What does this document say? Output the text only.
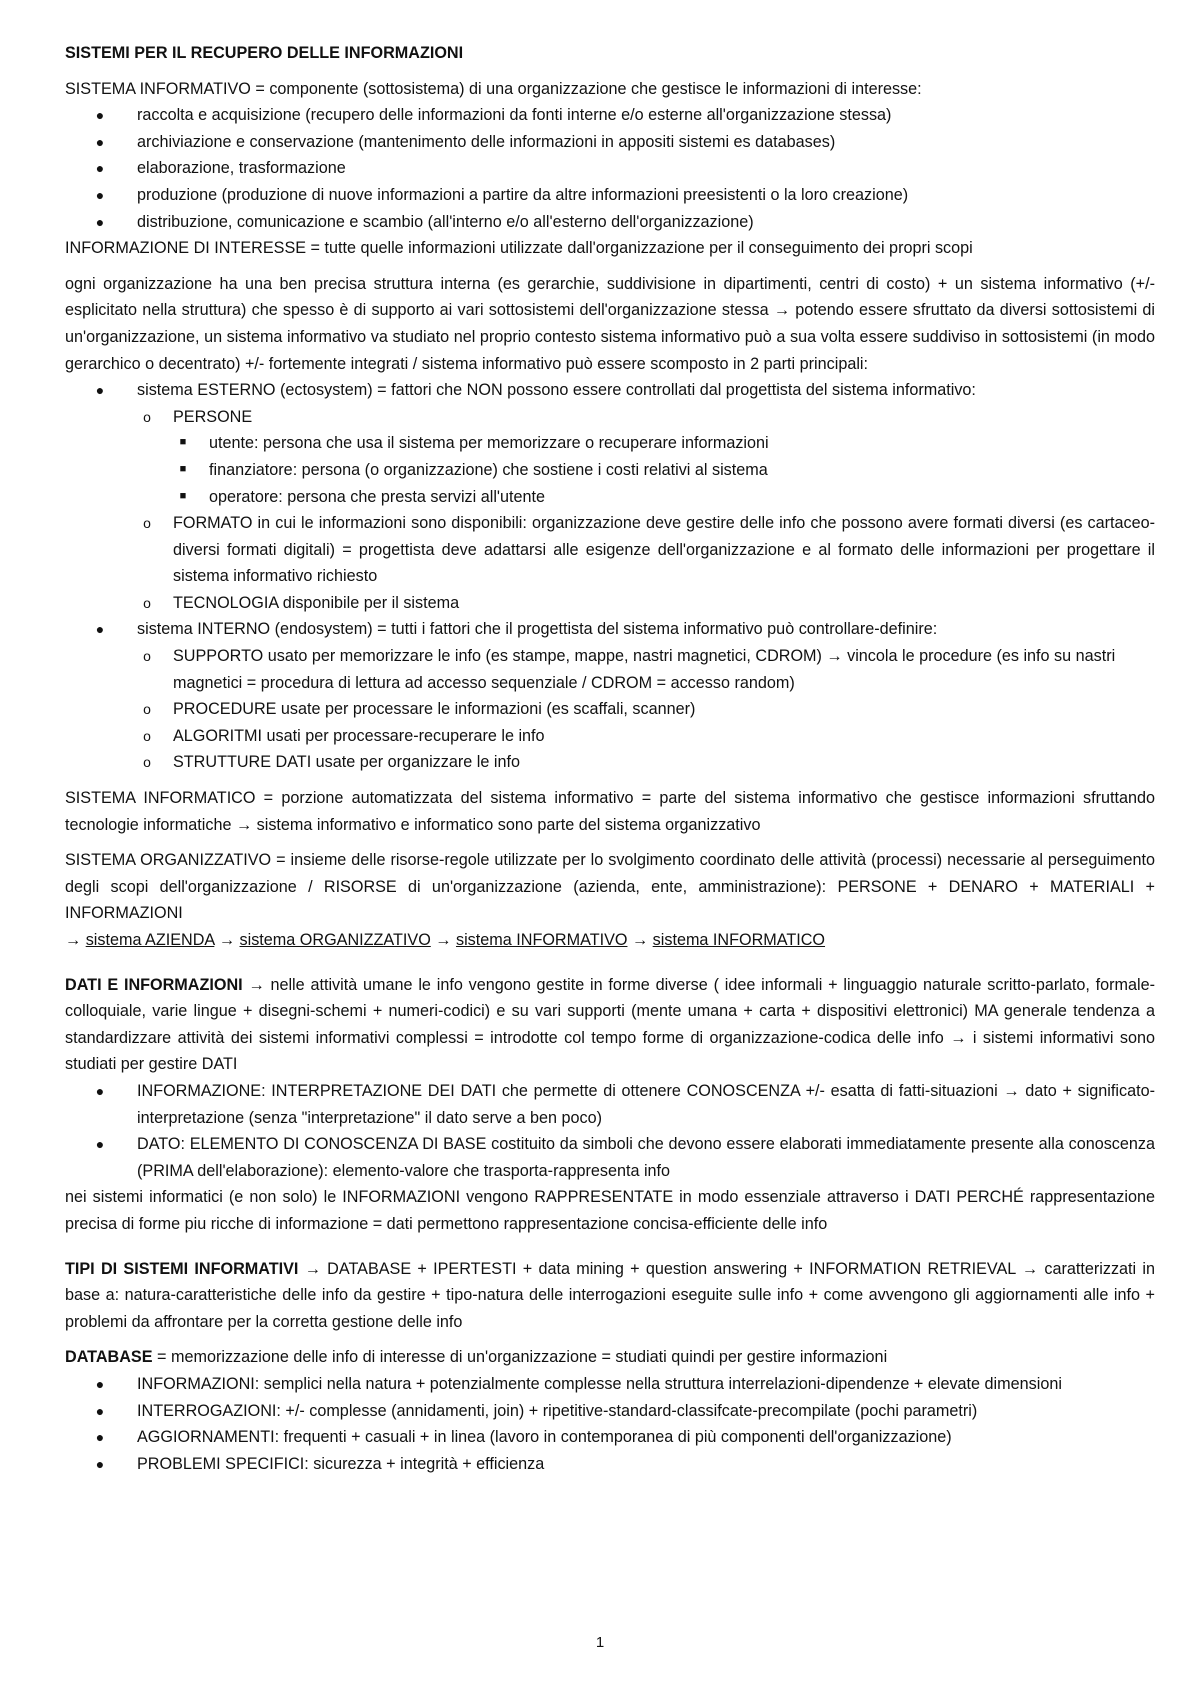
SISTEMI PER IL RECUPERO DELLE INFORMAZIONI

SISTEMA INFORMATIVO = componente (sottosistema) di una organizzazione che gestisce le informazioni di interesse:

● raccolta e acquisizione (recupero delle informazioni da fonti interne e/o esterne all'organizzazione stessa)
● archiviazione e conservazione (mantenimento delle informazioni in appositi sistemi es databases)
● elaborazione, trasformazione
● produzione (produzione di nuove informazioni a partire da altre informazioni preesistenti o la loro creazione)
● distribuzione, comunicazione e scambio (all'interno e/o all'esterno dell'organizzazione)

INFORMAZIONE DI INTERESSE = tutte quelle informazioni utilizzate dall'organizzazione per il conseguimento dei propri scopi

ogni organizzazione ha una ben precisa struttura interna (es gerarchie, suddivisione in dipartimenti, centri di costo) + un sistema informativo (+/- esplicitato nella struttura) che spesso è di supporto ai vari sottosistemi dell'organizzazione stessa → potendo essere sfruttato da diversi sottosistemi di un'organizzazione, un sistema informativo va studiato nel proprio contesto sistema informativo può a sua volta essere suddiviso in sottosistemi (in modo gerarchico o decentrato) +/- fortemente integrati / sistema informativo può essere scomposto in 2 parti principali:

● sistema ESTERNO (ectosystem) = fattori che NON possono essere controllati dal progettista del sistema informativo:
o PERSONE
■ utente: persona che usa il sistema per memorizzare o recuperare informazioni
■ finanziatore: persona (o organizzazione) che sostiene i costi relativi al sistema
■ operatore: persona che presta servizi all'utente
o FORMATO in cui le informazioni sono disponibili: organizzazione deve gestire delle info che possono avere formati diversi (es cartaceo-diversi formati digitali) = progettista deve adattarsi alle esigenze dell'organizzazione e al formato delle informazioni per progettare il sistema informativo richiesto
o TECNOLOGIA disponibile per il sistema
● sistema INTERNO (endosystem) = tutti i fattori che il progettista del sistema informativo può controllare-definire:
o SUPPORTO usato per memorizzare le info (es stampe, mappe, nastri magnetici, CDROM) → vincola le procedure (es info su nastri magnetici = procedura di lettura ad accesso sequenziale / CDROM = accesso random)
o PROCEDURE usate per processare le informazioni (es scaffali, scanner)
o ALGORITMI usati per processare-recuperare le info
o STRUTTURE DATI usate per organizzare le info

SISTEMA INFORMATICO = porzione automatizzata del sistema informativo = parte del sistema informativo che gestisce informazioni sfruttando tecnologie informatiche → sistema informativo e informatico sono parte del sistema organizzativo

SISTEMA ORGANIZZATIVO = insieme delle risorse-regole utilizzate per lo svolgimento coordinato delle attività (processi) necessarie al perseguimento degli scopi dell'organizzazione / RISORSE di un'organizzazione (azienda, ente, amministrazione): PERSONE + DENARO + MATERIALI + INFORMAZIONI

→ sistema AZIENDA → sistema ORGANIZZATIVO → sistema INFORMATIVO → sistema INFORMATICO

DATI E INFORMAZIONI → nelle attività umane le info vengono gestite in forme diverse ( idee informali + linguaggio naturale scritto-parlato, formale-colloquiale, varie lingue + disegni-schemi + numeri-codici) e su vari supporti (mente umana + carta + dispositivi elettronici) MA generale tendenza a standardizzare attività dei sistemi informativi complessi = introdotte col tempo forme di organizzazione-codica delle info → i sistemi informativi sono studiati per gestire DATI

● INFORMAZIONE: INTERPRETAZIONE DEI DATI che permette di ottenere CONOSCENZA +/- esatta di fatti-situazioni → dato + significato-interpretazione (senza "interpretazione" il dato serve a ben poco)
● DATO: ELEMENTO DI CONOSCENZA DI BASE costituito da simboli che devono essere elaborati immediatamente presente alla conoscenza (PRIMA dell'elaborazione): elemento-valore che trasporta-rappresenta info

nei sistemi informatici (e non solo) le INFORMAZIONI vengono RAPPRESENTATE in modo essenziale attraverso i DATI PERCHÉ rappresentazione precisa di forme piu ricche di informazione = dati permettono rappresentazione concisa-efficiente delle info

TIPI DI SISTEMI INFORMATIVI → DATABASE + IPERTESTI + data mining + question answering + INFORMATION RETRIEVAL → caratterizzati in base a: natura-caratteristiche delle info da gestire + tipo-natura delle interrogazioni eseguite sulle info + come avvengono gli aggiornamenti alle info + problemi da affrontare per la corretta gestione delle info

DATABASE = memorizzazione delle info di interesse di un'organizzazione = studiati quindi per gestire informazioni

● INFORMAZIONI: semplici nella natura + potenzialmente complesse nella struttura interrelazioni-dipendenze + elevate dimensioni
● INTERROGAZIONI: +/- complesse (annidamenti, join) + ripetitive-standard-classifcate-precompilate (pochi parametri)
● AGGIORNAMENTI: frequenti + casuali + in linea (lavoro in contemporanea di più componenti dell'organizzazione)
● PROBLEMI SPECIFICI: sicurezza + integrità + efficienza
1
